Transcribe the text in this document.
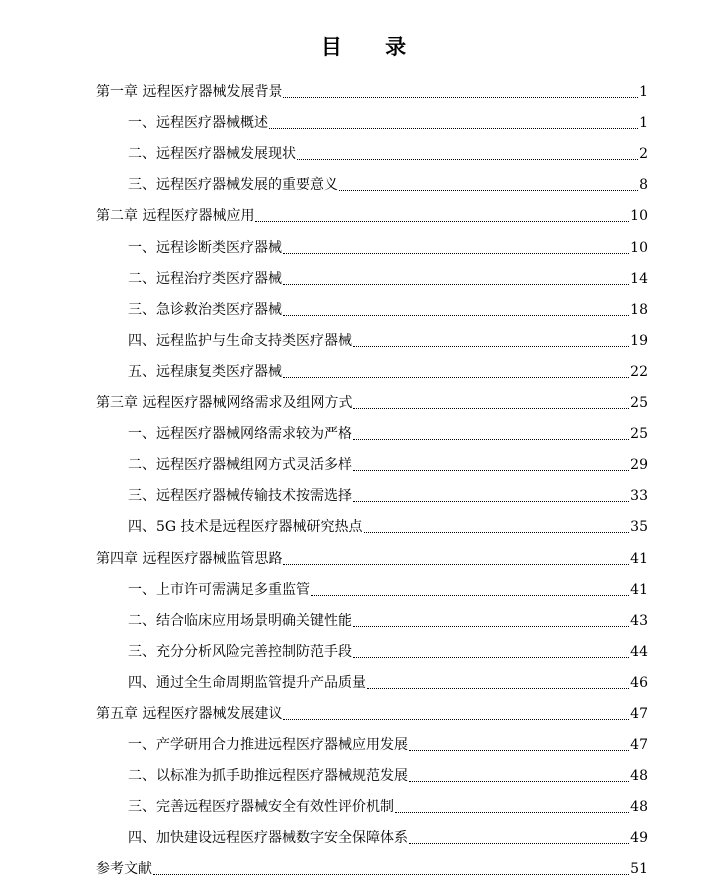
目 录
第一章 远程医疗器械发展背景	1
一、远程医疗器械概述	1
二、远程医疗器械发展现状	2
三、远程医疗器械发展的重要意义	8
第二章 远程医疗器械应用	10
一、远程诊断类医疗器械	10
二、远程治疗类医疗器械	14
三、急诊救治类医疗器械	18
四、远程监护与生命支持类医疗器械	19
五、远程康复类医疗器械	22
第三章 远程医疗器械网络需求及组网方式	25
一、远程医疗器械网络需求较为严格	25
二、远程医疗器械组网方式灵活多样	29
三、远程医疗器械传输技术按需选择	33
四、5G 技术是远程医疗器械研究热点	35
第四章 远程医疗器械监管思路	41
一、上市许可需满足多重监管	41
二、结合临床应用场景明确关键性能	43
三、充分分析风险完善控制防范手段	44
四、通过全生命周期监管提升产品质量	46
第五章 远程医疗器械发展建议	47
一、产学研用合力推进远程医疗器械应用发展	47
二、以标准为抓手助推远程医疗器械规范发展	48
三、完善远程医疗器械安全有效性评价机制	48
四、加快建设远程医疗器械数字安全保障体系	49
参考文献	51
